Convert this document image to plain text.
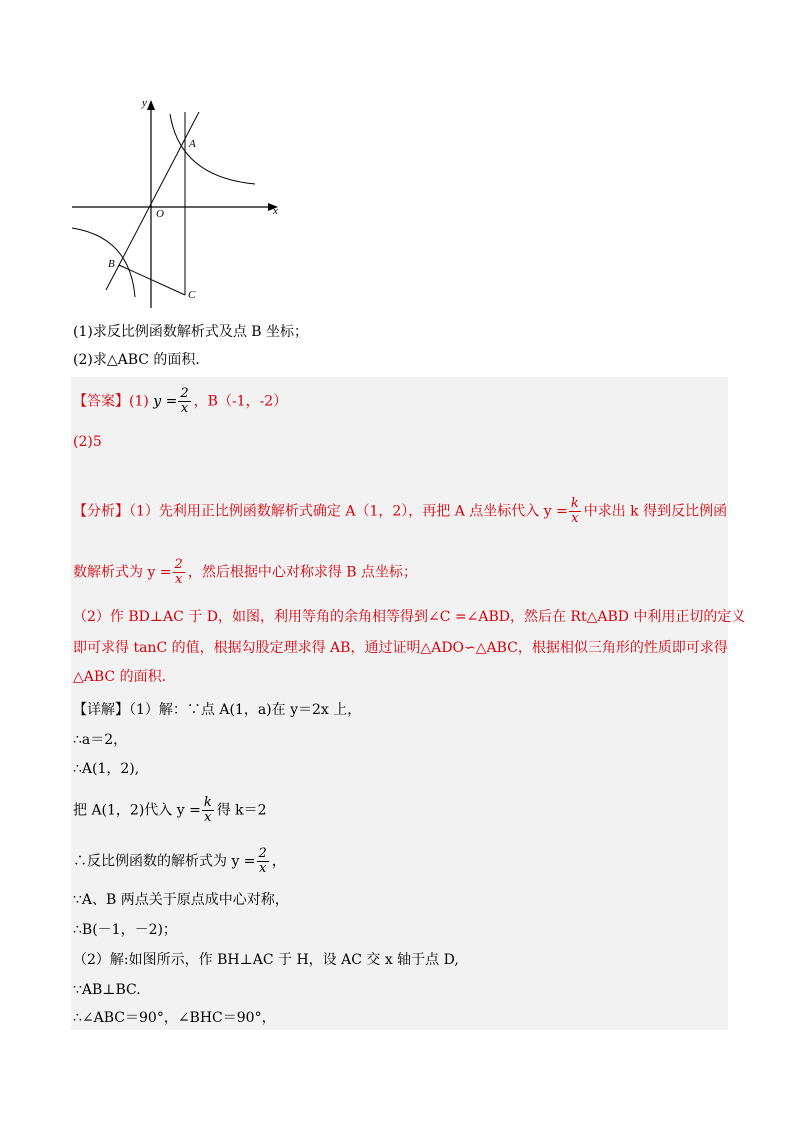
y
x
O
A
B
C
(1)求反比例函数解析式及点 B 坐标；
(2)求△ABC 的面积．
【答案】(1) $y = \frac{2}{x}$ ，B（-1，-2）
(2)5
【分析】（1）先利用正比例函数解析式确定 A（1，2），再把 A 点坐标代入 $y = \frac{k}{x}$ 中求出 k 得到反比例函
数解析式为 $y = \frac{2}{x}$ ，然后根据中心对称求得 B 点坐标；
（2）作 BD⊥AC 于 D，如图，利用等角的余角相等得到∠C =∠ABD，然后在 Rt△ABD 中利用正切的定义
即可求得 tanC 的值，根据勾股定理求得 AB，通过证明△ADO∽△ABC，根据相似三角形的性质即可求得
△ABC 的面积．
【详解】（1）解：∵点 A(1，a)在 y＝2x 上，
∴a＝2，
∴A(1，2),
把 A(1，2)代入 $y = \frac{k}{x}$ 得 k＝2
∴反比例函数的解析式为 $y = \frac{2}{x}$ ，
∵A、B 两点关于原点成中心对称，
∴B(－1，－2)；
（2）解:如图所示，作 BH⊥AC 于 H，设 AC 交 x 轴于点 D,
∵AB⊥BC.
∴∠ABC＝90°，∠BHC＝90°，
